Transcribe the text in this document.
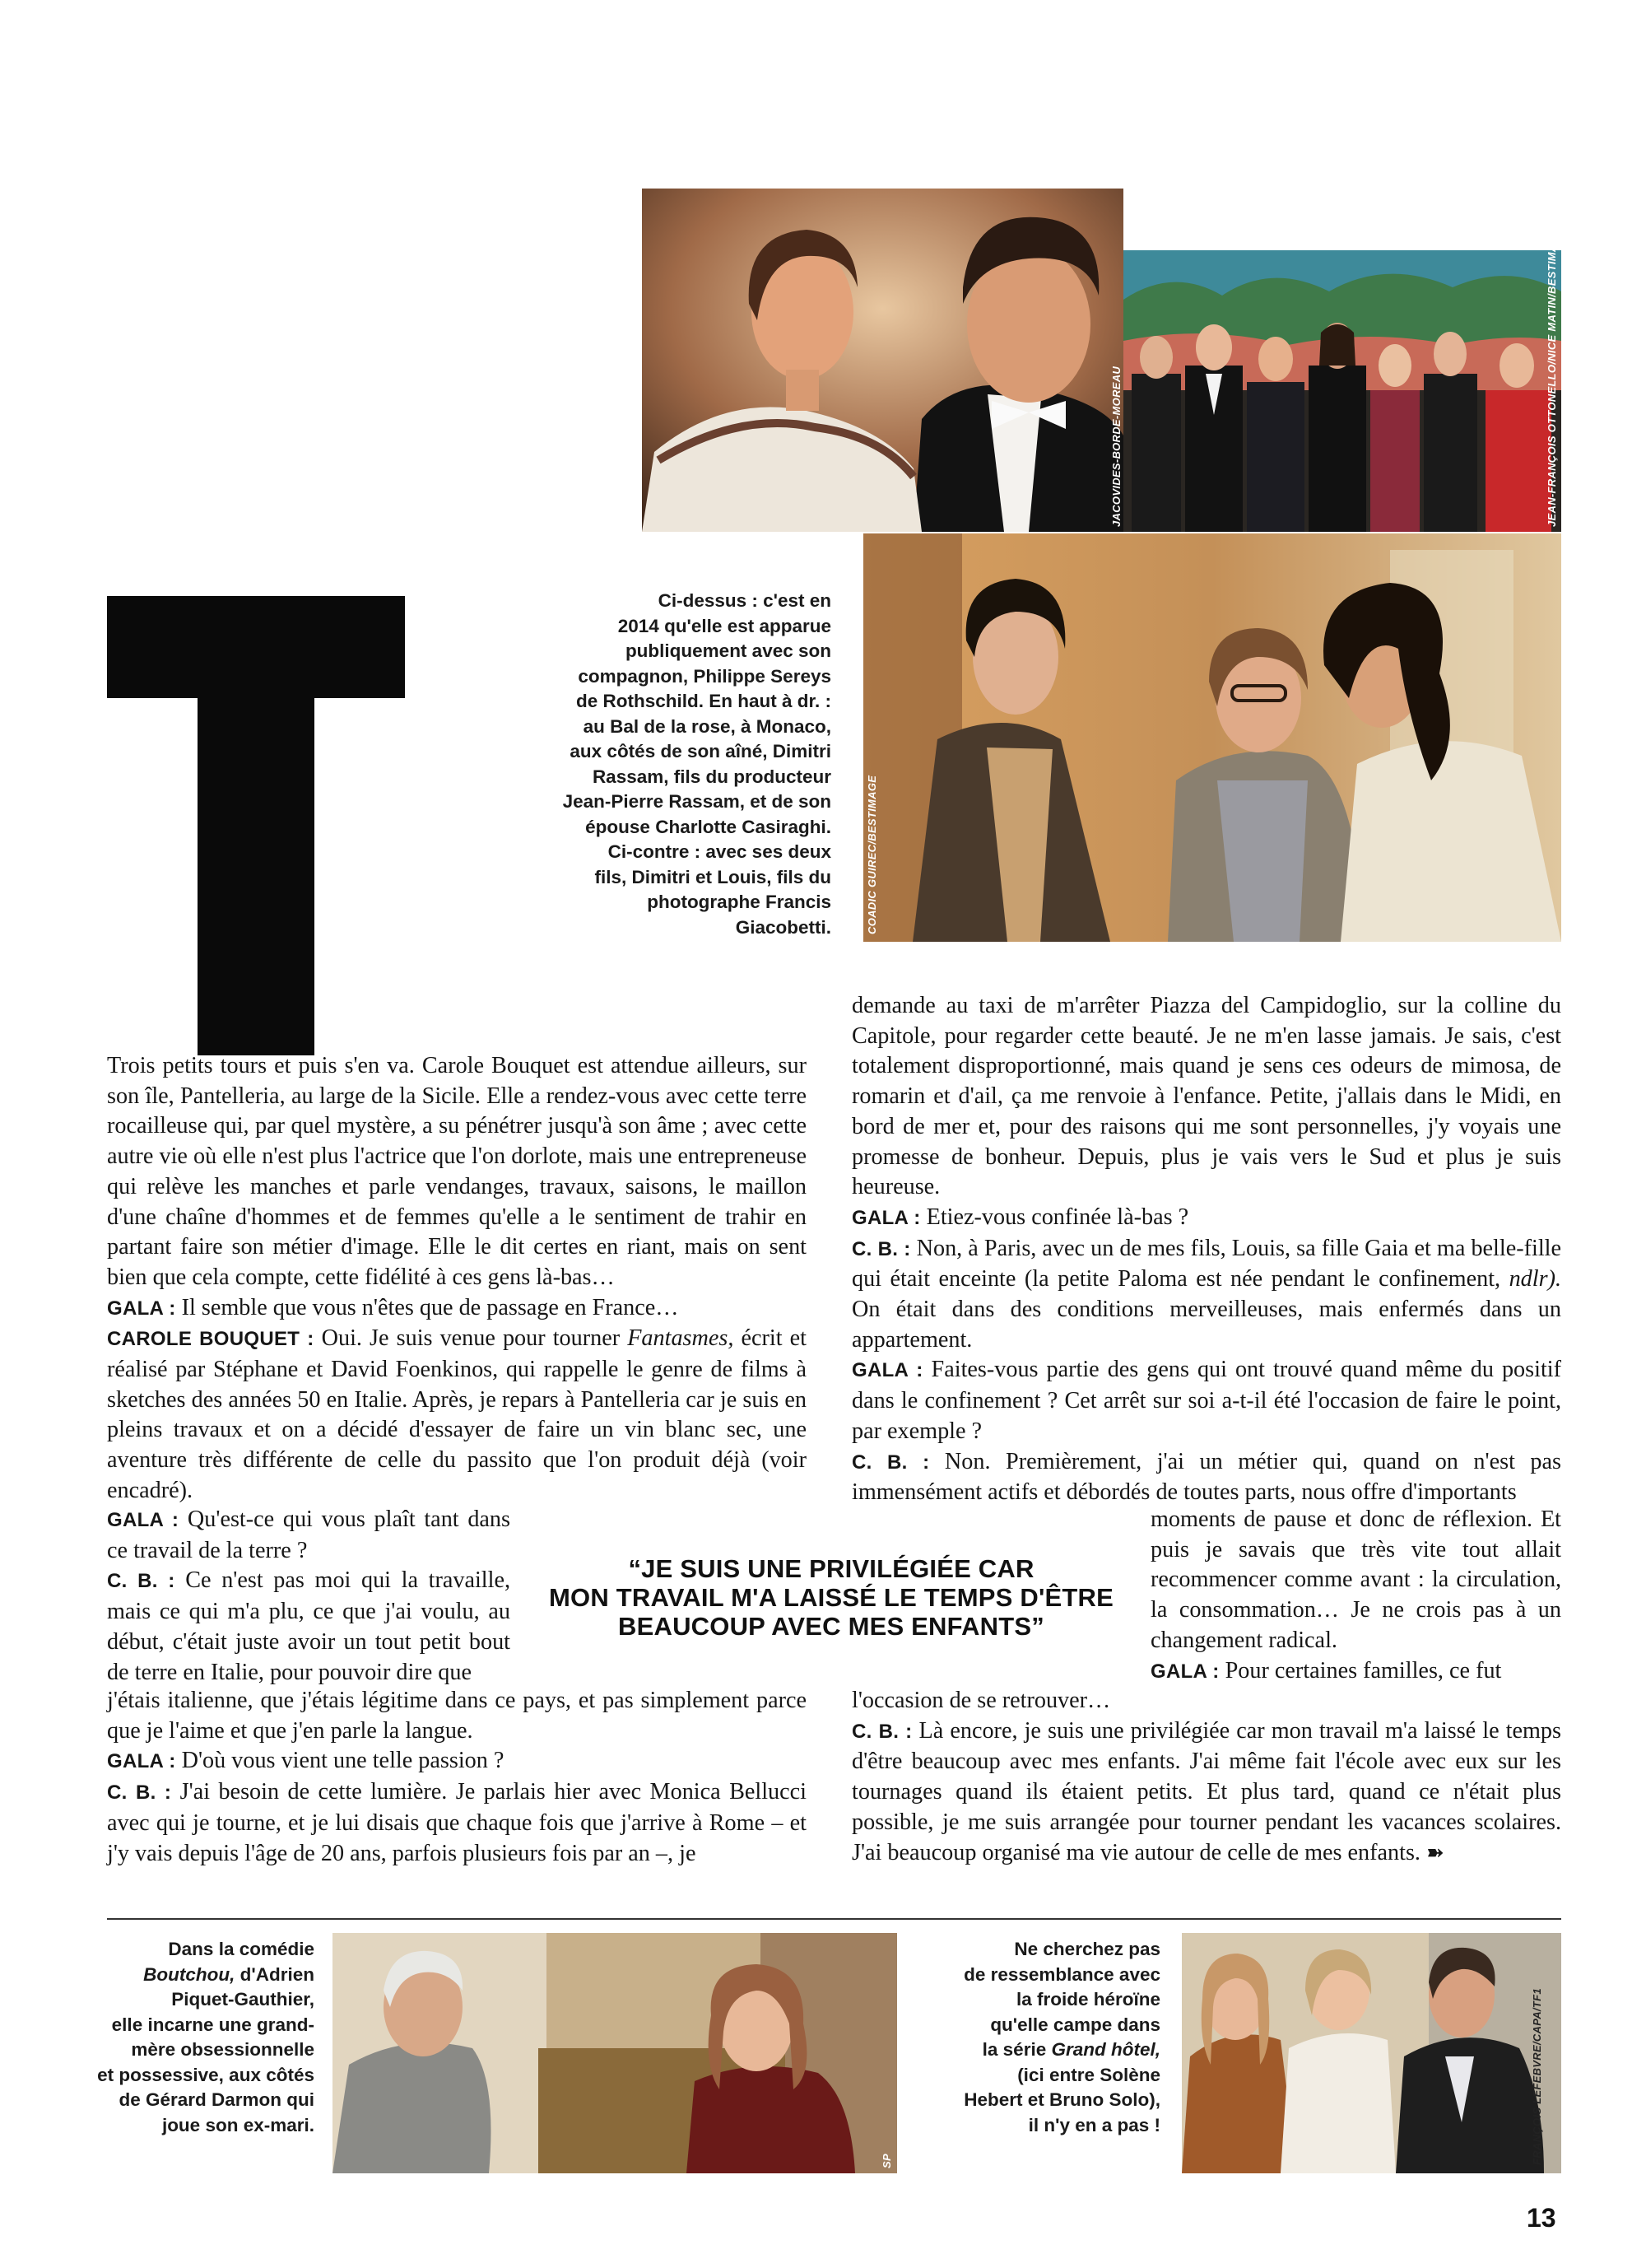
JACOVIDES-BORDE-MOREAU	JEAN-FRANÇOIS OTTONELLO/NICE MATIN/BESTIMAGE
COADIC GUIREC/BESTIMAGE

Ci-dessus : c'est en

2014 qu'elle est apparue

publiquement avec son

compagnon, Philippe Sereys

de Rothschild. En haut à dr. :

au Bal de la rose, à Monaco,

aux côtés de son aîné, Dimitri

Rassam, fils du producteur

Jean-Pierre Rassam, et de son

épouse Charlotte Casiraghi.

Ci-contre : avec ses deux

fils, Dimitri et Louis, fils du

photographe Francis

Giacobetti.

Trois petits tours et puis s'en va. Carole Bouquet est attendue ailleurs, sur son île, Pantelleria, au large de la Sicile. Elle a rendez-vous avec cette terre rocailleuse qui, par quel mystère, a su pénétrer jusqu'à son âme ; avec cette autre vie où elle n'est plus l'actrice que l'on dorlote, mais une entrepreneuse qui relève les manches et parle vendanges, travaux, saisons, le maillon d'une chaîne d'hommes et de femmes qu'elle a le sentiment de trahir en partant faire son métier d'image. Elle le dit certes en riant, mais on sent bien que cela compte, cette fidélité à ces gens là-bas…

GALA : Il semble que vous n'êtes que de passage en France…

CAROLE BOUQUET : Oui. Je suis venue pour tourner Fantasmes, écrit et réalisé par Stéphane et David Foenkinos, qui rappelle le genre de films à sketches des années 50 en Italie. Après, je repars à Pantelleria car je suis en pleins travaux et on a décidé d'essayer de faire un vin blanc sec, une aventure très différente de celle du passito que l'on produit déjà (voir encadré).

GALA : Qu'est-ce qui vous plaît tant dans ce travail de la terre ?

C. B. : Ce n'est pas moi qui la travaille, mais ce qui m'a plu, ce que j'ai voulu, au début, c'était juste avoir un tout petit bout de terre en Italie, pour pouvoir dire que

j'étais italienne, que j'étais légitime dans ce pays, et pas simplement parce que je l'aime et que j'en parle la langue.

GALA : D'où vous vient une telle passion ?

C. B. : J'ai besoin de cette lumière. Je parlais hier avec Monica Bellucci avec qui je tourne, et je lui disais que chaque fois que j'arrive à Rome – et j'y vais depuis l'âge de 20 ans, parfois plusieurs fois par an –, je

demande au taxi de m'arrêter Piazza del Campidoglio, sur la colline du Capitole, pour regarder cette beauté. Je ne m'en lasse jamais. Je sais, c'est totalement disproportionné, mais quand je sens ces odeurs de mimosa, de romarin et d'ail, ça me renvoie à l'enfance. Petite, j'allais dans le Midi, en bord de mer et, pour des raisons qui me sont personnelles, j'y voyais une promesse de bonheur. Depuis, plus je vais vers le Sud et plus je suis heureuse.

GALA : Etiez-vous confinée là-bas ?

C. B. : Non, à Paris, avec un de mes fils, Louis, sa fille Gaia et ma belle-fille qui était enceinte (la petite Paloma est née pendant le confinement, ndlr). On était dans des conditions merveilleuses, mais enfermés dans un appartement.

GALA : Faites-vous partie des gens qui ont trouvé quand même du positif dans le confinement ? Cet arrêt sur soi a-t-il été l'occasion de faire le point, par exemple ?

C. B. : Non. Premièrement, j'ai un métier qui, quand on n'est pas immensément actifs et débordés de toutes parts, nous offre d'importants

moments de pause et donc de réflexion. Et puis je savais que très vite tout allait recommencer comme avant : la circulation, la consommation… Je ne crois pas à un changement radical.

GALA : Pour certaines familles, ce fut

l'occasion de se retrouver…

C. B. : Là encore, je suis une privilégiée car mon travail m'a laissé le temps d'être beaucoup avec mes enfants. J'ai même fait l'école avec eux sur les tournages quand ils étaient petits. Et plus tard, quand ce n'était plus possible, je me suis arrangée pour tourner pendant les vacances scolaires. J'ai beaucoup organisé ma vie autour de celle de mes enfants. ➽

“JE SUIS UNE PRIVILÉGIÉE CAR
MON TRAVAIL M'A LAISSÉ LE TEMPS D'ÊTRE
BEAUCOUP AVEC MES ENFANTS”

Dans la comédie

Boutchou, d'Adrien

Piquet-Gauthier,

elle incarne une grand-

mère obsessionnelle

et possessive, aux côtés

de Gérard Darmon qui

joue son ex-mari.

SP

Ne cherchez pas

de ressemblance avec

la froide héroïne

qu'elle campe dans

la série Grand hôtel,

(ici entre Solène

Hebert et Bruno Solo),

il n'y en a pas !	FRANÇOIS LEFEBVRE/CAPA/TF1
13
